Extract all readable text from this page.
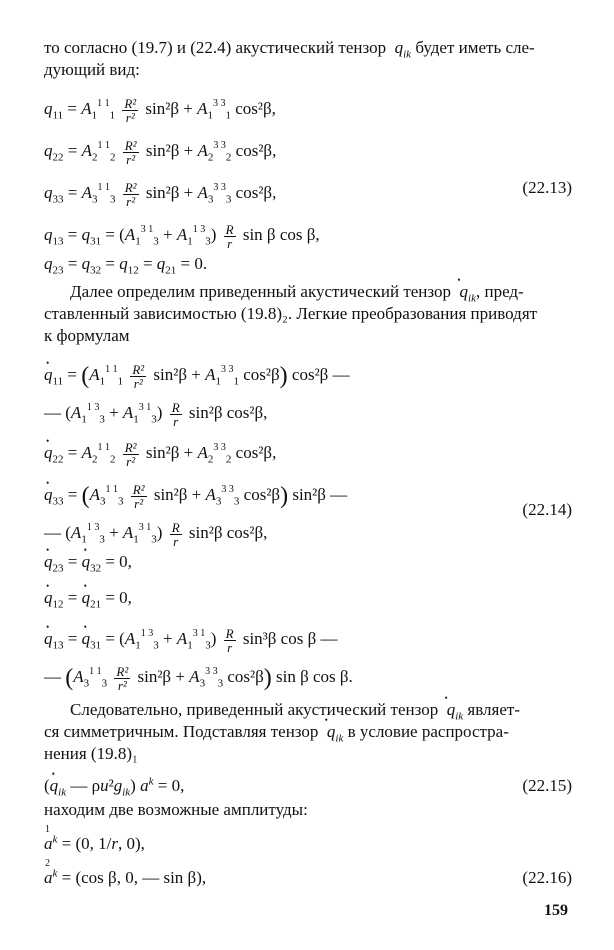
то согласно (19.7) и (22.4) акустический тензор  $q_{ik}$ будет иметь сле-
дующий вид:
$q_{11} = A_1^{1 1}_1 \frac{\text{R²}}{\text{r²}} \sin^2\beta + A_1^{3 3}_1$ cos²β,
$q_{22} = A_2^{1 1}_2 \frac{\text{R²}}{\text{r²}} \sin^2\beta + A_2^{3 3}_2$ cos²β,
$q_{33} = A_3^{1 1}_3 \frac{\text{R²}}{\text{r²}} \sin^2\beta + A_3^{3 3}_3$ cos²β,	(22.13)
$q_{13} = q_{31} = (A_1^{3 1}_3 + A_1^{1 3}_3) \frac{R}{r}$ sin β cos β,
$q_{23} = q_{32} = q_{12} = q_{21} = 0$.
Далее определим приведенный акустический тензор •  $q_{ik}$, пред-
ставленный зависимостью (19.8)₂. Легкие преобразования приводят
к формулам
• $q_{11} = (A_1^{1 1}_1 \frac{\text{R²}}{\text{r²}} \sin^2\beta + A_1^{3 3}_1$ cos²β) cos²β —
— $(A_1^{1 3}_3 + A_1^{3 1}_3) \frac{R}{r} \sin^2\beta$ cos²β,
• $q_{22} = A_2^{1 1}_2 \frac{\text{R²}}{\text{r²}} \sin^2\beta + A_2^{3 3}_2$ cos²β,
• $q_{33} = (A_3^{1 1}_3 \frac{\text{R²}}{\text{r²}} \sin^2\beta + A_3^{3 3}_3$ cos²β) sin²β —
— $(A_1^{1 3}_3 + A_1^{3 1}_3) \frac{R}{r} \sin^2\beta$ cos²β,
(22.14)
• $q_{23}$ = • $q_{32} = 0$,
• $q_{12}$ = • $q_{21} = 0$,
• $q_{13}$ = • $q_{31} = (A_1^{1 3}_3 + A_1^{3 1}_3) \frac{R}{r} \sin^3\beta$ cos β —
— ($A_3^{1 1}_3 \frac{\text{R²}}{\text{r²}} \sin^2\beta + A_3^{3 3}_3$ cos²β) sin β cos β.
Следовательно, приведенный акустический тензор •  $q_{ik}$ являет-
ся симметричным. Подставляя тензор •  $q_{ik}$ в условие распростра-
нения (19.8)₁
(• $q_{ik}$ — $\rho u^2g_{ik}$) $a^k = 0$,	(22.15)
находим две возможные амплитуды:
1
$a^k = (0$, 1/r, 0),
2
$a^k = (\cos$ β, 0, — sin β),	(22.16)
159
